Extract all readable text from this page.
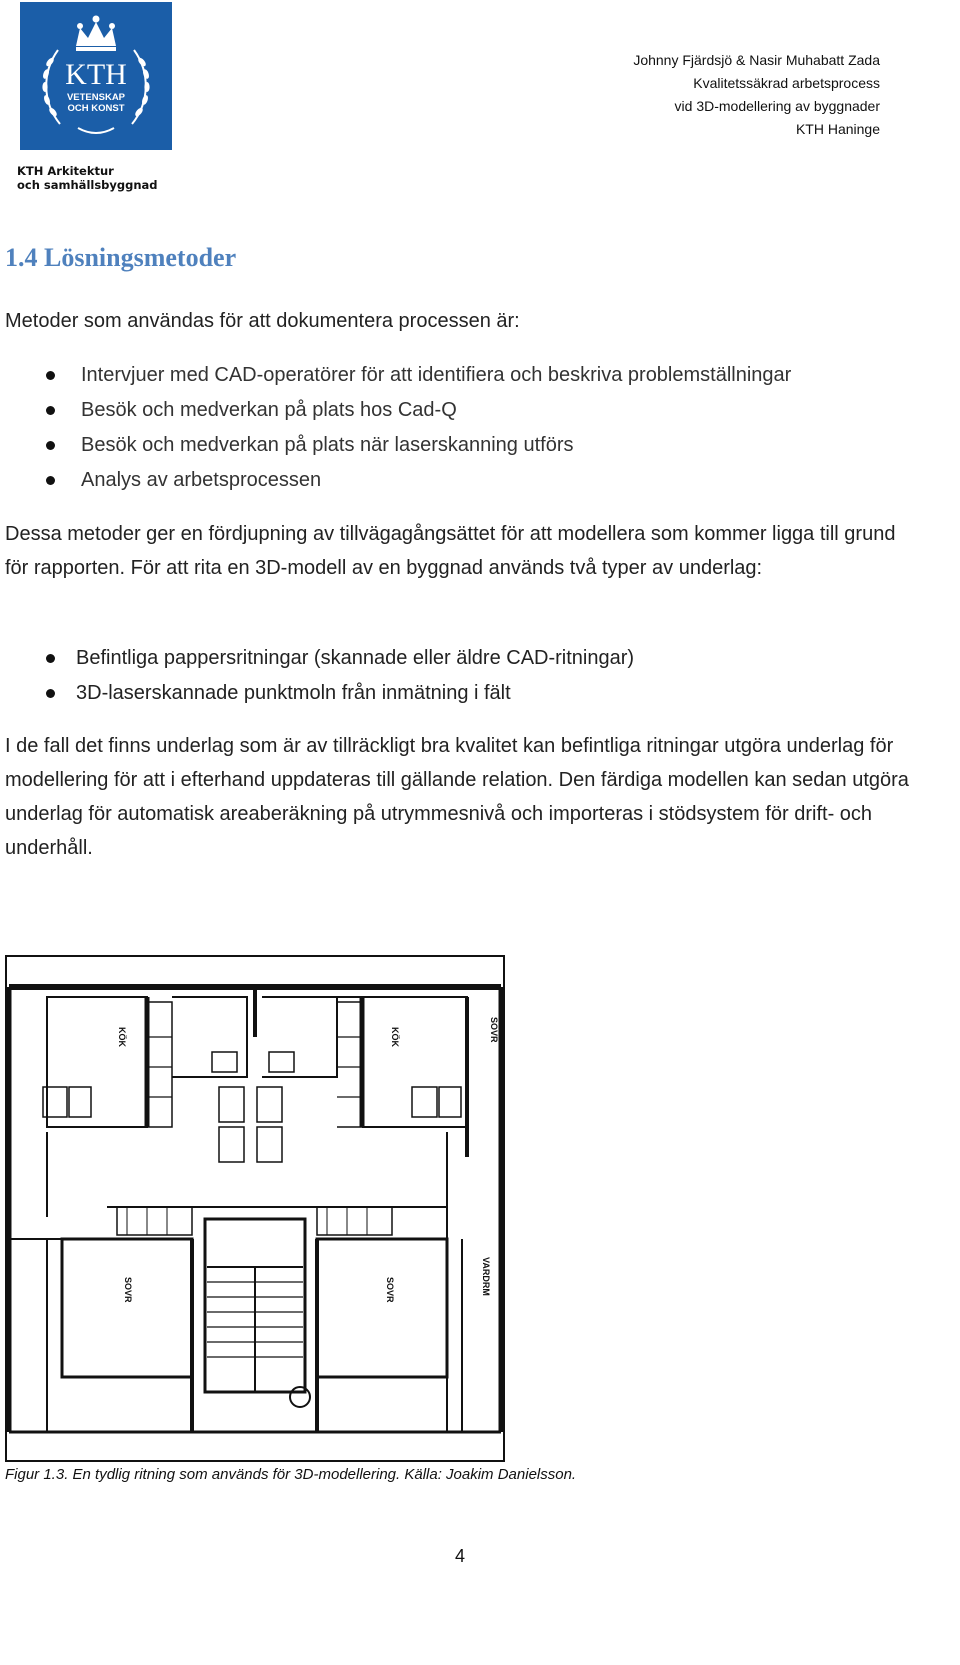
KTH
VETENSKAP
OCH KONST
KTH Arkitektur
och samhällsbyggnad
Johnny Fjärdsjö & Nasir Muhabatt Zada
Kvalitetssäkrad arbetsprocess
vid 3D-modellering av byggnader
KTH Haninge
1.4 Lösningsmetoder

Metoder som användas för att dokumentera processen är:

Intervjuer med CAD-operatörer för att identifiera och beskriva problemställningar
Besök och medverkan på plats hos Cad-Q
Besök och medverkan på plats när laserskanning utförs
Analys av arbetsprocessen

Dessa metoder ger en fördjupning av tillvägagångsättet för att modellera som kommer ligga till grund för rapporten. För att rita en 3D-modell av en byggnad används två typer av underlag:

Befintliga pappersritningar (skannade eller äldre CAD-ritningar)
3D-laserskannade punktmoln från inmätning i fält

I de fall det finns underlag som är av tillräckligt bra kvalitet kan befintliga ritningar utgöra underlag för modellering för att i efterhand uppdateras till gällande relation. Den färdiga modellen kan sedan utgöra underlag för automatisk areaberäkning på utrymmesnivå och importeras i stödsystem för drift- och underhåll.

KÖK	KÖK	SOVR
SOVR	SOVR	VARDRM

Figur 1.3. En tydlig ritning som används för 3D-modellering. Källa: Joakim Danielsson.

4
